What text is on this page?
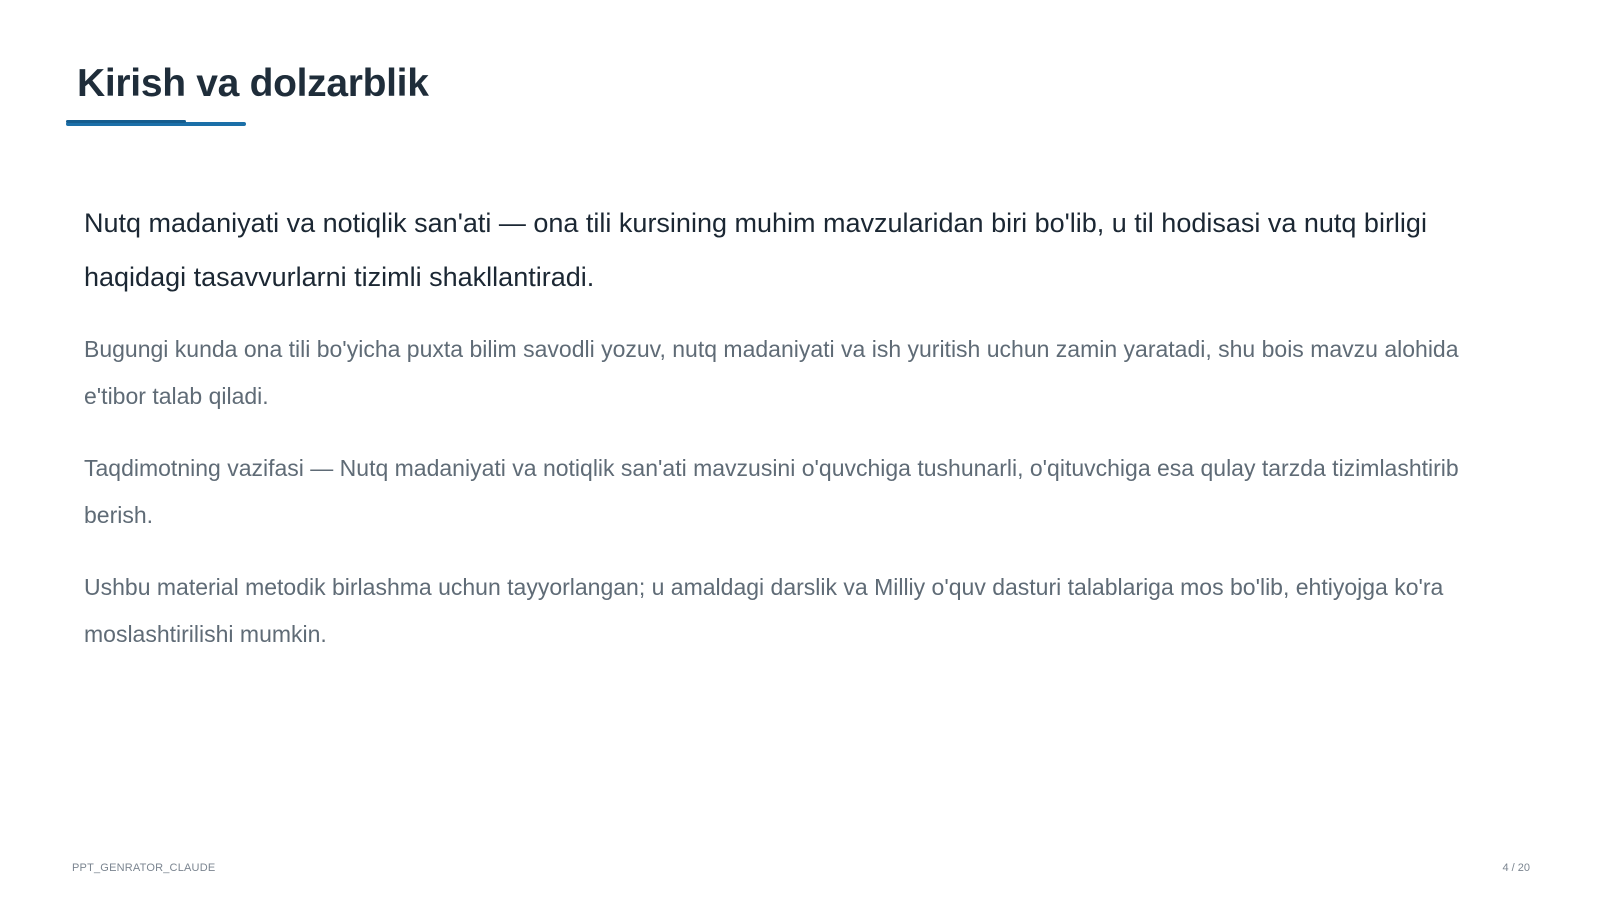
Kirish va dolzarblik

Nutq madaniyati va notiqlik san'ati — ona tili kursining muhim mavzularidan biri bo'lib, u til hodisasi va nutq birligi haqidagi tasavvurlarni tizimli shakllantiradi.

Bugungi kunda ona tili bo'yicha puxta bilim savodli yozuv, nutq madaniyati va ish yuritish uchun zamin yaratadi, shu bois mavzu alohida e'tibor talab qiladi.

Taqdimotning vazifasi — Nutq madaniyati va notiqlik san'ati mavzusini o'quvchiga tushunarli, o'qituvchiga esa qulay tarzda tizimlashtirib berish.

Ushbu material metodik birlashma uchun tayyorlangan; u amaldagi darslik va Milliy o'quv dasturi talablariga mos bo'lib, ehtiyojga ko'ra moslashtirilishi mumkin.

PPT_GENRATOR_CLAUDE	4 / 20
